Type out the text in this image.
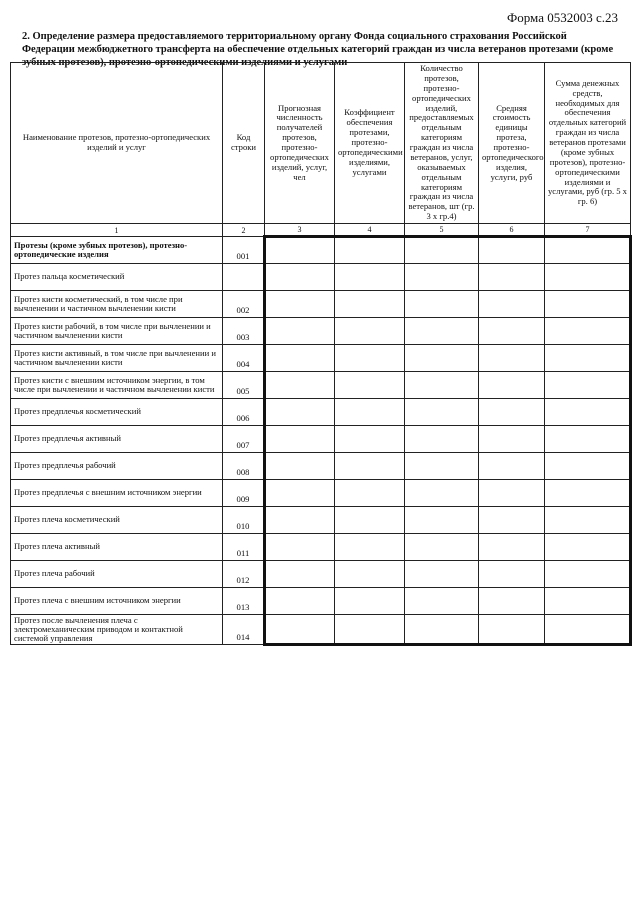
Форма 0532003 с.23
2. Определение размера предоставляемого территориальному органу Фонда социального страхования Российской Федерации межбюджетного трансферта на обеспечение отдельных категорий граждан из числа ветеранов протезами (кроме зубных протезов), протезно-ортопедическими изделиями и услугами
Наименование протезов, протезно-ортопедических изделий и услуг	Код строки	Прогнозная численность получателей протезов, протезно-ортопедических изделий, услуг, чел	Коэффициент обеспечения протезами, протезно-ортопедическими изделиями, услугами	Количество протезов, протезно-ортопедических изделий, предоставляемых отдельным категориям граждан из числа ветеранов, услуг, оказываемых отдельным категориям граждан из числа ветеранов, шт (гр. 3 х гр.4)	Средняя стоимость единицы протеза, протезно-ортопедического изделия, услуги, руб	Сумма денежных средств, необходимых для обеспечения отдельных категорий граждан из числа ветеранов протезами (кроме зубных протезов), протезно-ортопедическими изделиями и услугами, руб (гр. 5 х гр. 6)
1	2	3	4	5	6	7
Протезы (кроме зубных протезов), протезно-ортопедические изделия	001					
Протез пальца косметический						
Протез кисти косметический, в том числе при вычленении и частичном вычленении кисти	002					
Протез кисти рабочий, в том числе при вычленении и частичном вычленении кисти	003					
Протез кисти активный, в том числе при вычленении и частичном вычленении кисти	004					
Протез кисти с внешним источником энергии, в том числе при вычленении и частичном вычленении кисти	005					
Протез предплечья косметический	006					
Протез предплечья активный	007					
Протез предплечья рабочий	008					
Протез предплечья с внешним источником энергии	009					
Протез плеча косметический	010					
Протез плеча активный	011					
Протез плеча рабочий	012					
Протез плеча с внешним источником энергии	013					
Протез после вычленения плеча с электромеханическим приводом и контактной системой управления	014					
